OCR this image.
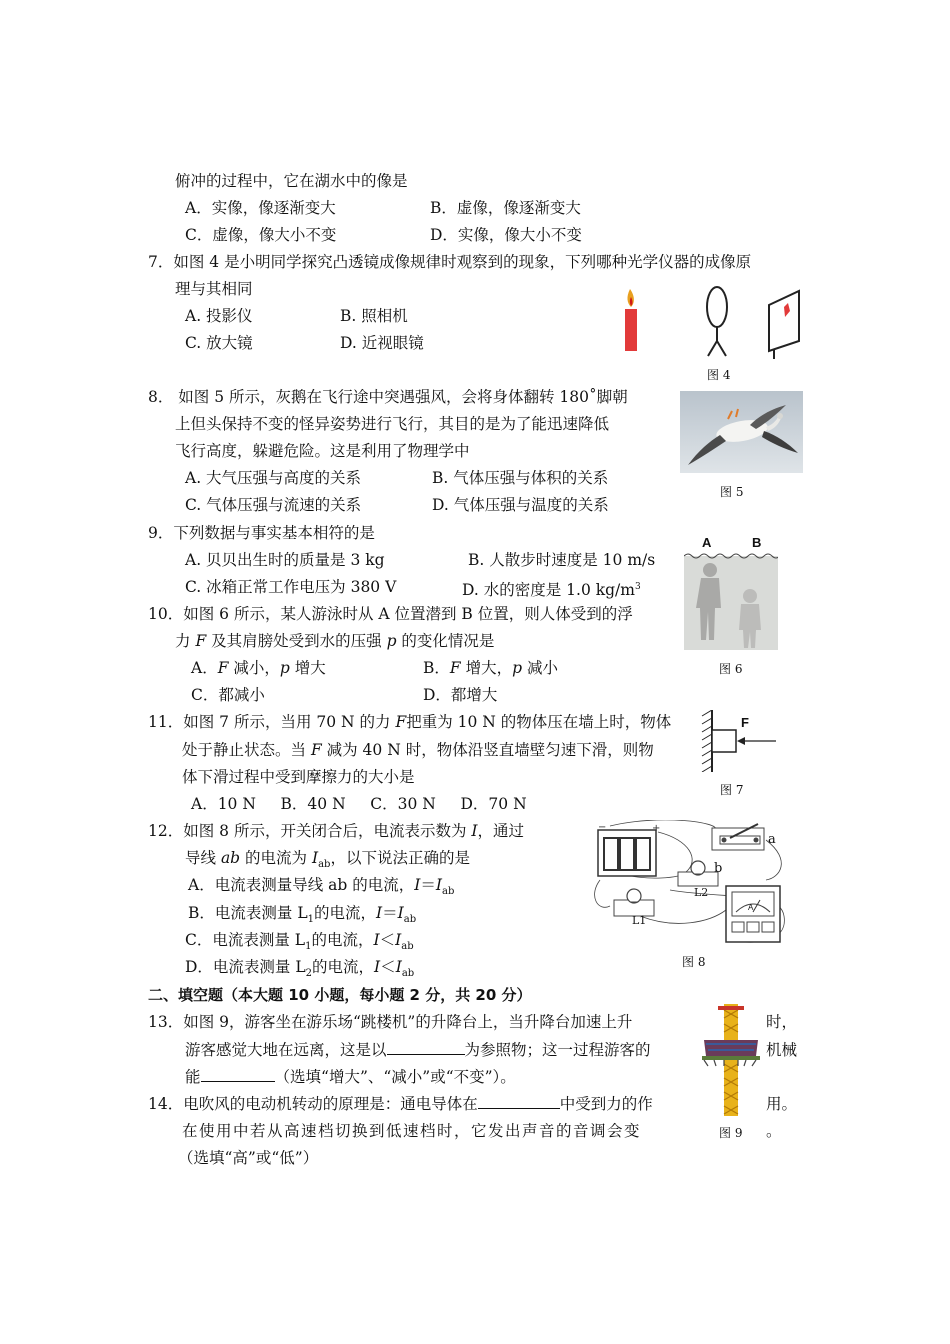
俯冲的过程中，它在湖水中的像是
A．实像，像逐渐变大	B．虚像，像逐渐变大
C．虚像，像大小不变	D．实像，像大小不变
7．如图 4 是小明同学探究凸透镜成像规律时观察到的现象，下列哪种光学仪器的成像原
理与其相同
A. 投影仪	B. 照相机
C. 放大镜	D. 近视眼镜
图 4
8． 如图 5 所示，灰鹅在飞行途中突遇强风，会将身体翻转 180˚脚朝
上但头保持不变的怪异姿势进行飞行，其目的是为了能迅速降低
飞行高度，躲避危险。这是利用了物理学中
A. 大气压强与高度的关系	B. 气体压强与体积的关系
C. 气体压强与流速的关系	D. 气体压强与温度的关系
图 5
9．下列数据与事实基本相符的是
A. 贝贝出生时的质量是 3 kg	B. 人散步时速度是 10 m/s
C. 冰箱正常工作电压为 380 V	D. 水的密度是 1.0 $kg/m^3$
A	B
10．如图 6 所示，某人游泳时从 A 位置潜到 B 位置，则人体受到的浮
力 F 及其肩膀处受到水的压强 p 的变化情况是
A．F 减小，p 增大	B．F 增大，p 减小
C．都减小	D．都增大
图 6
11．如图 7 所示，当用 70 N 的力 F把重为 10 N 的物体压在墙上时，物体
处于静止状态。当 F 减为 40 N 时，物体沿竖直墙壁匀速下滑，则物
体下滑过程中受到摩擦力的大小是
A．10 N     B．40 N     C．30 N     D．70 N
F
图 7
12．如图 8 所示，开关闭合后，电流表示数为 I，通过
导线 ab 的电流为 $I_{ab}$，以下说法正确的是
A．电流表测量导线 ab 的电流，$I=I_{ab}$
B．电流表测量 $L_1$的电流，$I=I_{ab}$
C．电流表测量 $L_1$的电流，$I<I_{ab}$
D．电流表测量 $L_2$的电流，$I<I_{ab}$
−	+
a
b
L2
L1
A
图 8
二、填空题（本大题 10 小题，每小题 2 分，共 20 分）
13．如图 9，游客坐在游乐场“跳楼机”的升降台上，当升降台加速上升	时，
游客感觉大地在远离，这是以	为参照物；这一过程游客的	机械
能	（选填“增大”、“减小”或“不变”）。
图 9
14．电吹风的电动机转动的原理是：通电导体在	中受到力的作	用。
在使用中若从高速档切换到低速档时，它发出声音的音调会变	。
（选填“高”或“低”）
